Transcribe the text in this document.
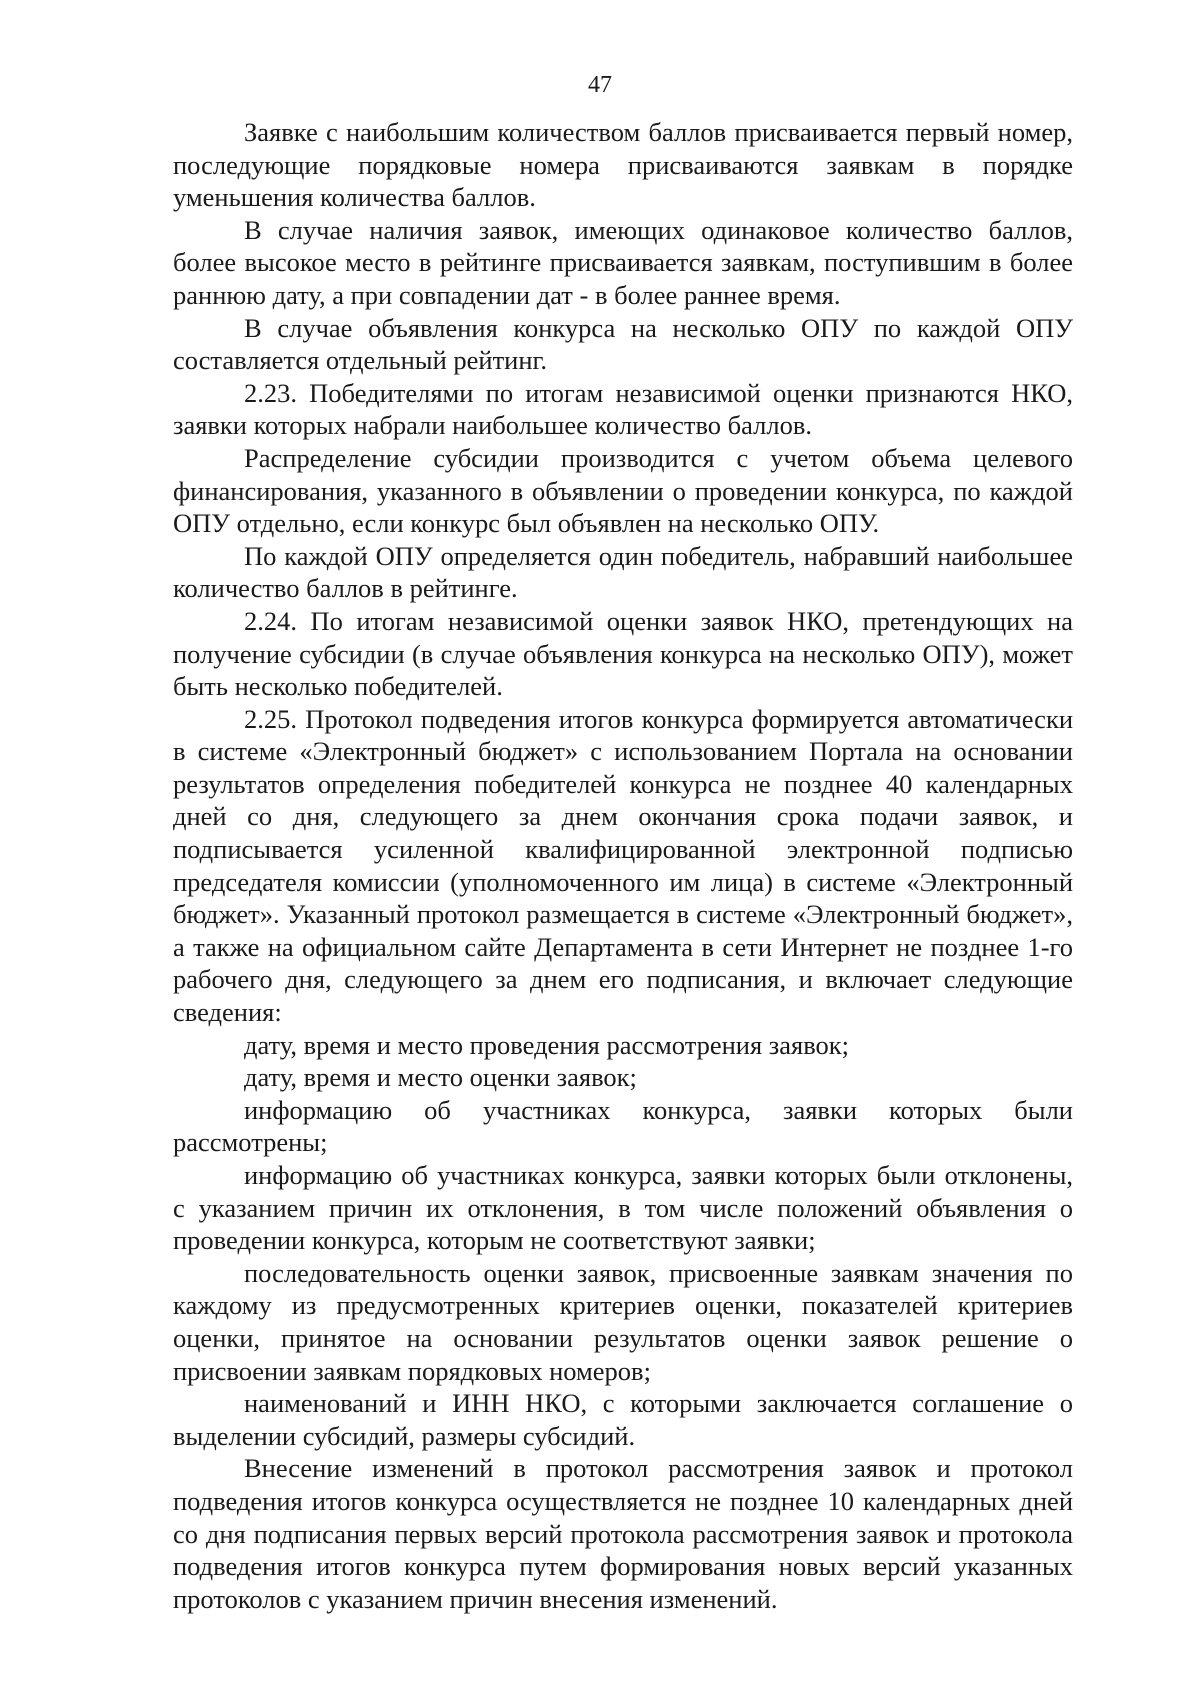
47

Заявке с наибольшим количеством баллов присваивается первый номер, последующие порядковые номера присваиваются заявкам в порядке уменьшения количества баллов.

В случае наличия заявок, имеющих одинаковое количество баллов, более высокое место в рейтинге присваивается заявкам, поступившим в более раннюю дату, а при совпадении дат - в более раннее время.

В случае объявления конкурса на несколько ОПУ по каждой ОПУ составляется отдельный рейтинг.

2.23. Победителями по итогам независимой оценки признаются НКО, заявки которых набрали наибольшее количество баллов.

Распределение субсидии производится с учетом объема целевого финансирования, указанного в объявлении о проведении конкурса, по каждой ОПУ отдельно, если конкурс был объявлен на несколько ОПУ.

По каждой ОПУ определяется один победитель, набравший наибольшее количество баллов в рейтинге.

2.24. По итогам независимой оценки заявок НКО, претендующих на получение субсидии (в случае объявления конкурса на несколько ОПУ), может быть несколько победителей.

2.25. Протокол подведения итогов конкурса формируется автоматически в системе «Электронный бюджет» с использованием Портала на основании результатов определения победителей конкурса не позднее 40 календарных дней со дня, следующего за днем окончания срока подачи заявок, и подписывается усиленной квалифицированной электронной подписью председателя комиссии (уполномоченного им лица) в системе «Электронный бюджет». Указанный протокол размещается в системе «Электронный бюджет», а также на официальном сайте Департамента в сети Интернет не позднее 1-го рабочего дня, следующего за днем его подписания, и включает следующие сведения:

дату, время и место проведения рассмотрения заявок;

дату, время и место оценки заявок;

информацию об участниках конкурса, заявки которых были рассмотрены;

информацию об участниках конкурса, заявки которых были отклонены, с указанием причин их отклонения, в том числе положений объявления о проведении конкурса, которым не соответствуют заявки;

последовательность оценки заявок, присвоенные заявкам значения по каждому из предусмотренных критериев оценки, показателей критериев оценки, принятое на основании результатов оценки заявок решение о присвоении заявкам порядковых номеров;

наименований и ИНН НКО, с которыми заключается соглашение о выделении субсидий, размеры субсидий.

Внесение изменений в протокол рассмотрения заявок и протокол подведения итогов конкурса осуществляется не позднее 10 календарных дней со дня подписания первых версий протокола рассмотрения заявок и протокола подведения итогов конкурса путем формирования новых версий указанных протоколов с указанием причин внесения изменений.
